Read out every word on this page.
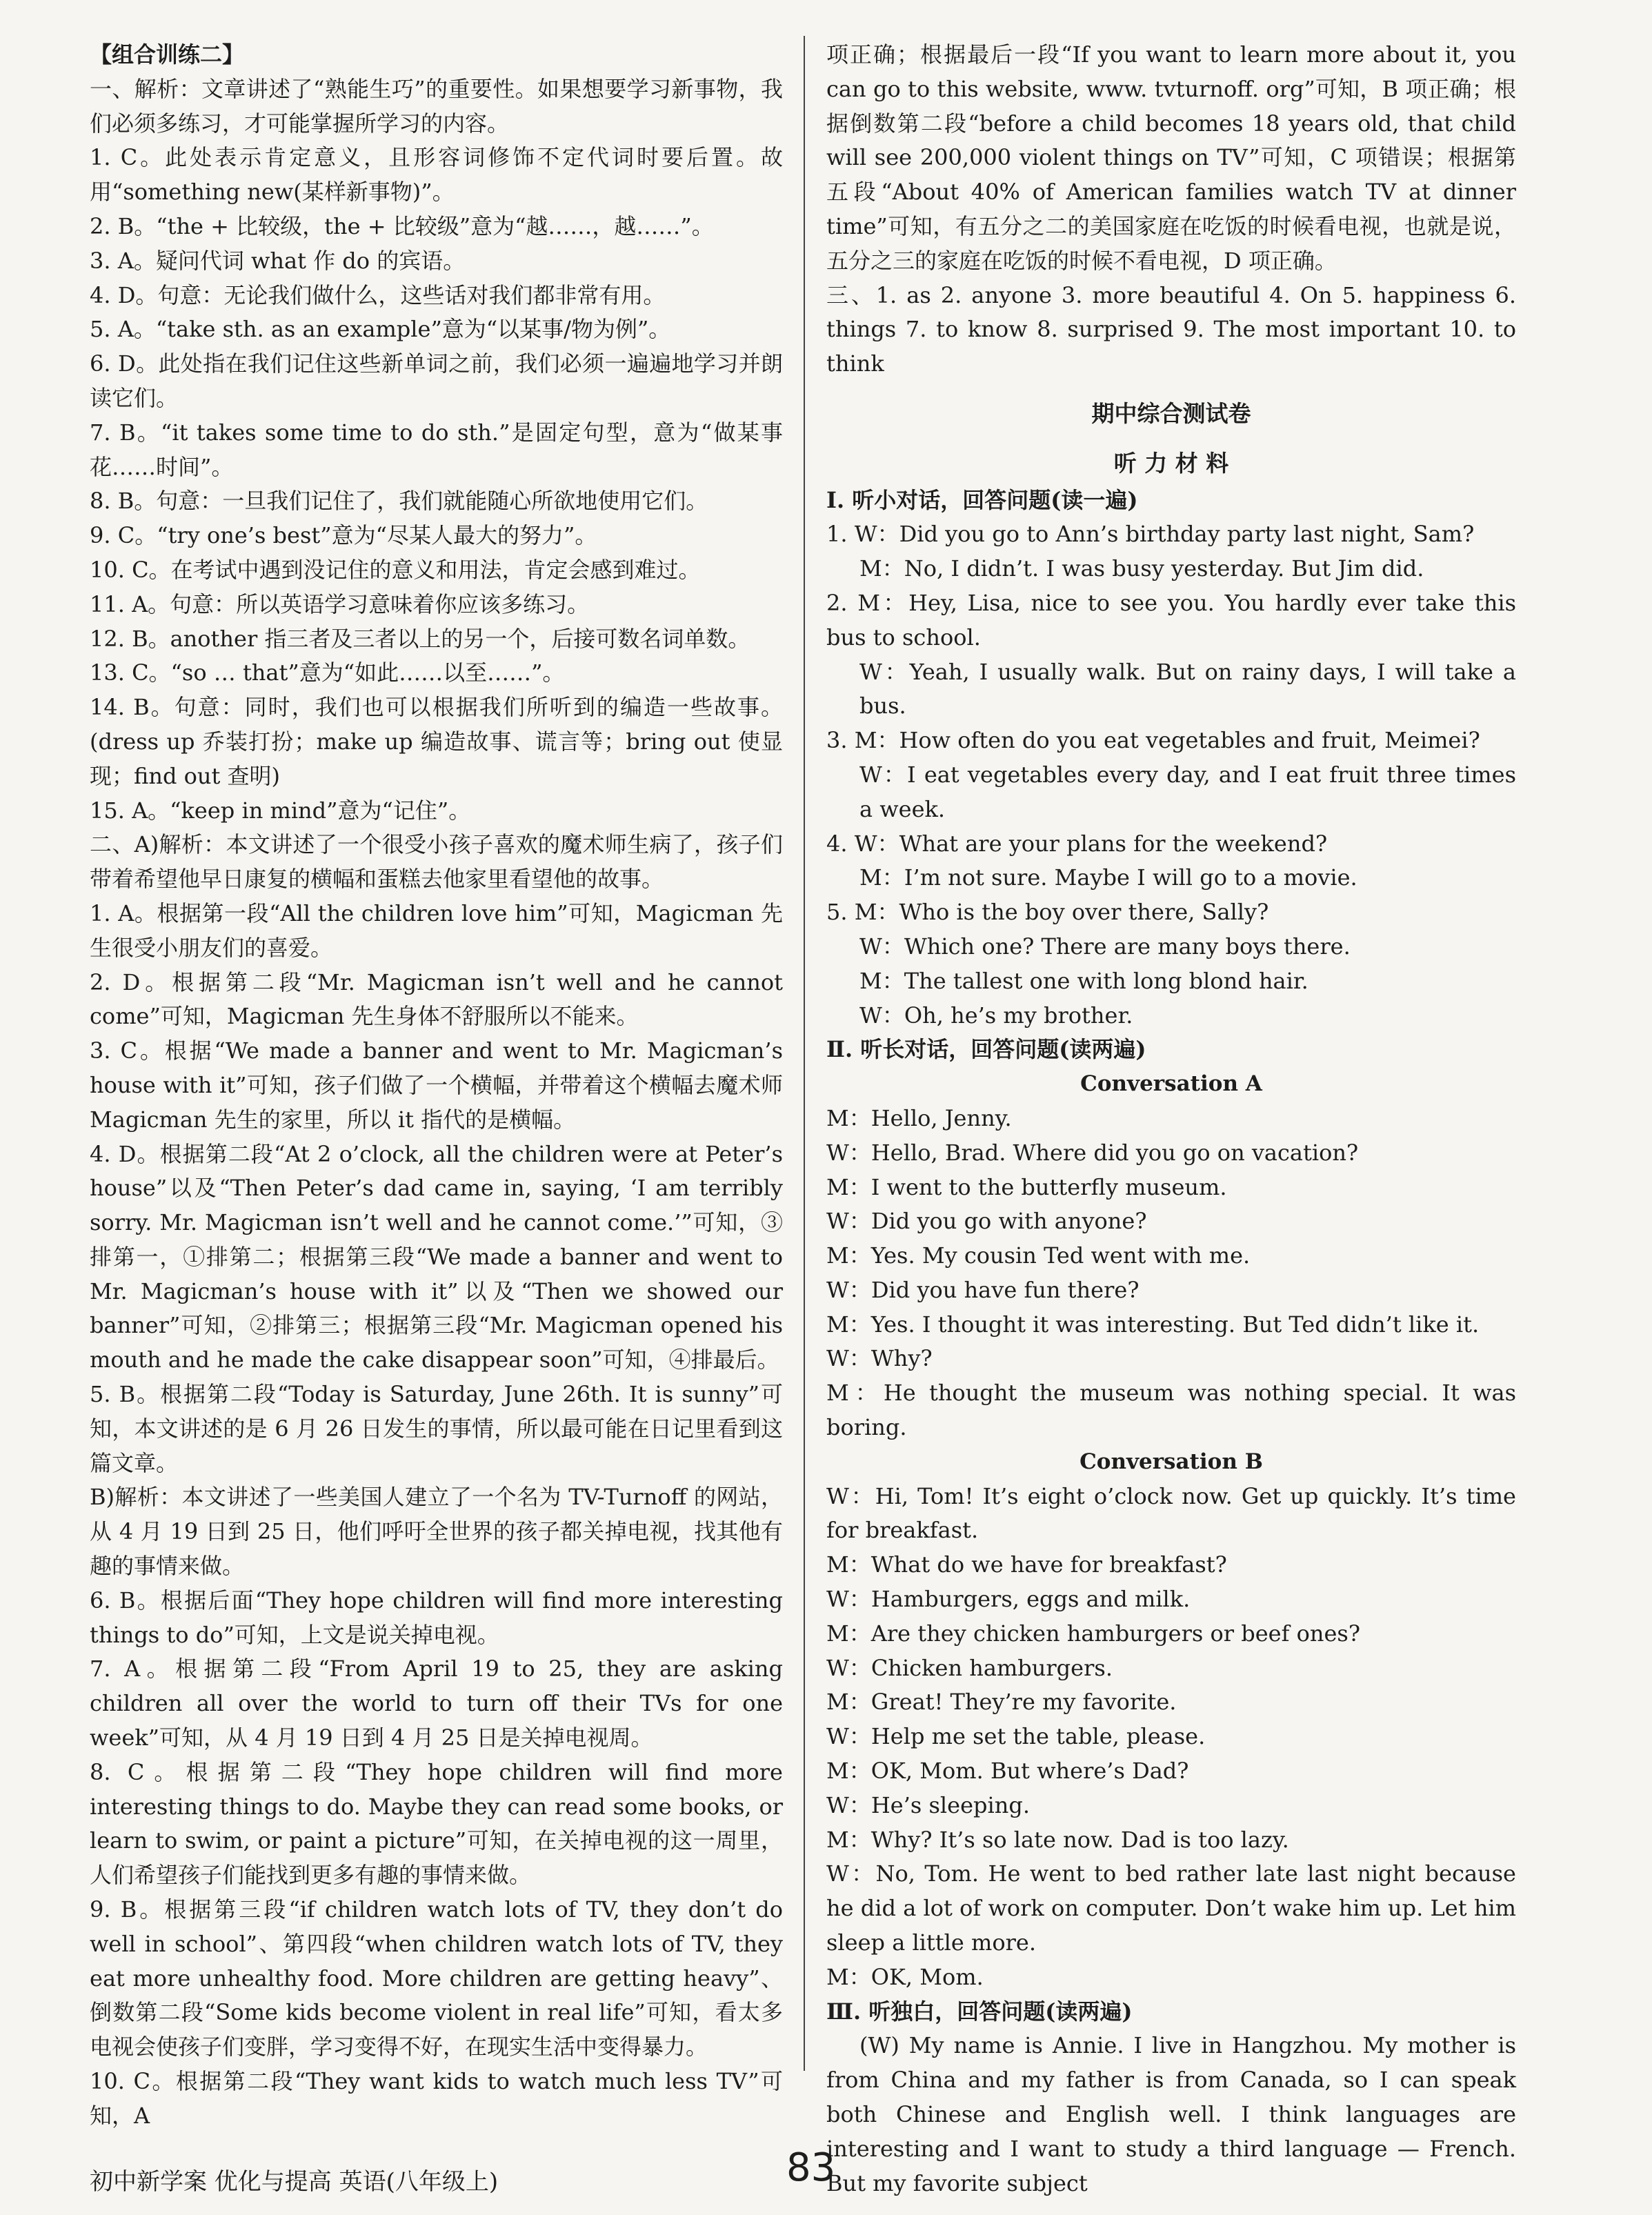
【组合训练二】

一、解析：文章讲述了“熟能生巧”的重要性。如果想要学习新事物，我们必须多练习，才可能掌握所学习的内容。

1. C。此处表示肯定意义，且形容词修饰不定代词时要后置。故用“something new(某样新事物)”。

2. B。“the + 比较级，the + 比较级”意为“越……，越……”。

3. A。疑问代词 what 作 do 的宾语。

4. D。句意：无论我们做什么，这些话对我们都非常有用。

5. A。“take sth. as an example”意为“以某事/物为例”。

6. D。此处指在我们记住这些新单词之前，我们必须一遍遍地学习并朗读它们。

7. B。“it takes some time to do sth.”是固定句型，意为“做某事花……时间”。

8. B。句意：一旦我们记住了，我们就能随心所欲地使用它们。

9. C。“try one’s best”意为“尽某人最大的努力”。

10. C。在考试中遇到没记住的意义和用法，肯定会感到难过。

11. A。句意：所以英语学习意味着你应该多练习。

12. B。another 指三者及三者以上的另一个，后接可数名词单数。

13. C。“so … that”意为“如此……以至……”。

14. B。句意：同时，我们也可以根据我们所听到的编造一些故事。(dress up 乔装打扮；make up 编造故事、谎言等；bring out 使显现；find out 查明)

15. A。“keep in mind”意为“记住”。

二、A)解析：本文讲述了一个很受小孩子喜欢的魔术师生病了，孩子们带着希望他早日康复的横幅和蛋糕去他家里看望他的故事。

1. A。根据第一段“All the children love him”可知，Magicman 先生很受小朋友们的喜爱。

2. D。根据第二段“Mr. Magicman isn’t well and he cannot come”可知，Magicman 先生身体不舒服所以不能来。

3. C。根据“We made a banner and went to Mr. Magicman’s house with it”可知，孩子们做了一个横幅，并带着这个横幅去魔术师 Magicman 先生的家里，所以 it 指代的是横幅。

4. D。根据第二段“At 2 o’clock, all the children were at Peter’s house”以及“Then Peter’s dad came in, saying, ‘I am terribly sorry. Mr. Magicman isn’t well and he cannot come.’”可知，③排第一，①排第二；根据第三段“We made a banner and went to Mr. Magicman’s house with it”以及“Then we showed our banner”可知，②排第三；根据第三段“Mr. Magicman opened his mouth and he made the cake disappear soon”可知，④排最后。

5. B。根据第二段“Today is Saturday, June 26th. It is sunny”可知，本文讲述的是 6 月 26 日发生的事情，所以最可能在日记里看到这篇文章。

B)解析：本文讲述了一些美国人建立了一个名为 TV-Turnoff 的网站，从 4 月 19 日到 25 日，他们呼吁全世界的孩子都关掉电视，找其他有趣的事情来做。

6. B。根据后面“They hope children will find more interesting things to do”可知，上文是说关掉电视。

7. A。根据第二段“From April 19 to 25, they are asking children all over the world to turn off their TVs for one week”可知，从 4 月 19 日到 4 月 25 日是关掉电视周。

8. C。根据第二段“They hope children will find more interesting things to do. Maybe they can read some books, or learn to swim, or paint a picture”可知，在关掉电视的这一周里，人们希望孩子们能找到更多有趣的事情来做。

9. B。根据第三段“if children watch lots of TV, they don’t do well in school”、第四段“when children watch lots of TV, they eat more unhealthy food. More children are getting heavy”、倒数第二段“Some kids become violent in real life”可知，看太多电视会使孩子们变胖，学习变得不好，在现实生活中变得暴力。

10. C。根据第二段“They want kids to watch much less TV”可知，A

项正确；根据最后一段“If you want to learn more about it, you can go to this website, www. tvturnoff. org”可知，B 项正确；根据倒数第二段“before a child becomes 18 years old, that child will see 200,000 violent things on TV”可知，C 项错误；根据第五段“About 40% of American families watch TV at dinner time”可知，有五分之二的美国家庭在吃饭的时候看电视，也就是说，五分之三的家庭在吃饭的时候不看电视，D 项正确。

三、1. as 2. anyone 3. more beautiful 4. On 5. happiness 6. things 7. to know 8. surprised 9. The most important 10. to think

期中综合测试卷

听 力 材 料

Ⅰ. 听小对话，回答问题(读一遍)

1. W：Did you go to Ann’s birthday party last night, Sam?

M：No, I didn’t. I was busy yesterday. But Jim did.

2. M：Hey, Lisa, nice to see you. You hardly ever take this bus to school.

W：Yeah, I usually walk. But on rainy days, I will take a bus.

3. M：How often do you eat vegetables and fruit, Meimei?

W：I eat vegetables every day, and I eat fruit three times a week.

4. W：What are your plans for the weekend?

M：I’m not sure. Maybe I will go to a movie.

5. M：Who is the boy over there, Sally?

W：Which one? There are many boys there.

M：The tallest one with long blond hair.

W：Oh, he’s my brother.

Ⅱ. 听长对话，回答问题(读两遍)

Conversation A

M：Hello, Jenny.

W：Hello, Brad. Where did you go on vacation?

M：I went to the butterfly museum.

W：Did you go with anyone?

M：Yes. My cousin Ted went with me.

W：Did you have fun there?

M：Yes. I thought it was interesting. But Ted didn’t like it.

W：Why?

M：He thought the museum was nothing special. It was boring.

Conversation B

W：Hi, Tom! It’s eight o’clock now. Get up quickly. It’s time for breakfast.

M：What do we have for breakfast?

W：Hamburgers, eggs and milk.

M：Are they chicken hamburgers or beef ones?

W：Chicken hamburgers.

M：Great! They’re my favorite.

W：Help me set the table, please.

M：OK, Mom. But where’s Dad?

W：He’s sleeping.

M：Why? It’s so late now. Dad is too lazy.

W：No, Tom. He went to bed rather late last night because he did a lot of work on computer. Don’t wake him up. Let him sleep a little more.

M：OK, Mom.

Ⅲ. 听独白，回答问题(读两遍)

(W) My name is Annie. I live in Hangzhou. My mother is from China and my father is from Canada, so I can speak both Chinese and English well. I think languages are interesting and I want to study a third language — French. But my favorite subject

初中新学案 优化与提高 英语(八年级上)	83
